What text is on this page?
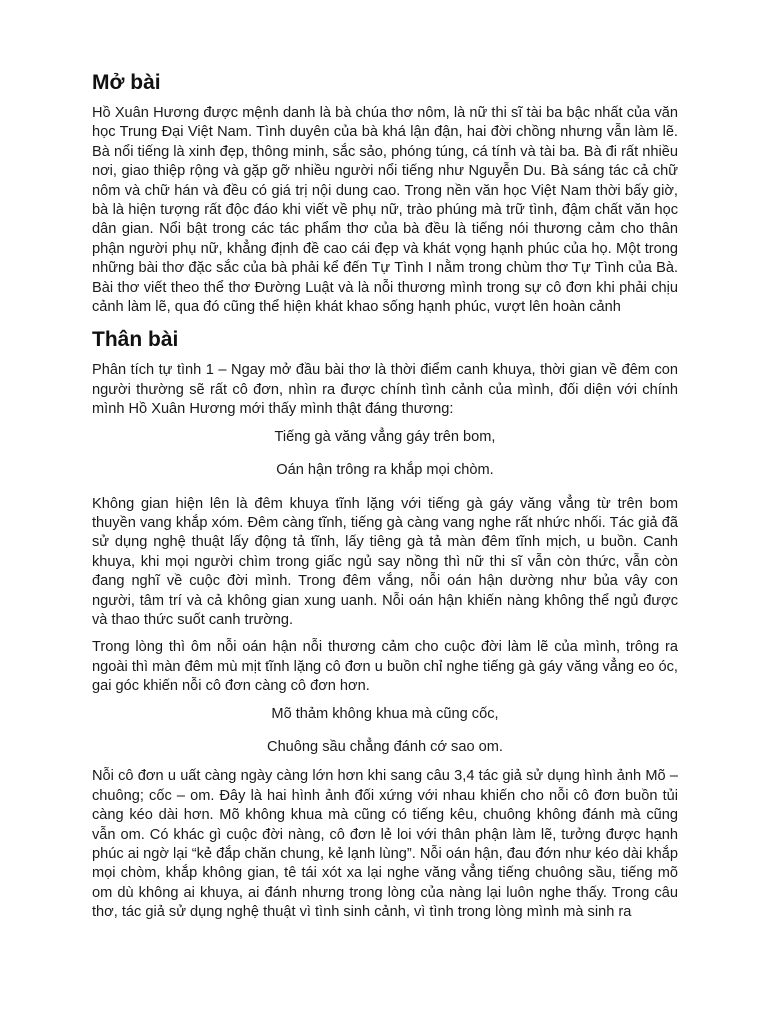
Mở bài

Hồ Xuân Hương được mệnh danh là bà chúa thơ nôm, là nữ thi sĩ tài ba bậc nhất của văn học Trung Đại Việt Nam. Tình duyên của bà khá lận đận, hai đời chồng nhưng vẫn làm lẽ. Bà nổi tiếng là xinh đẹp, thông minh, sắc sảo, phóng túng, cá tính và tài ba. Bà đi rất nhiều nơi, giao thiệp rộng và gặp gỡ nhiều người nổi tiếng như Nguyễn Du. Bà sáng tác cả chữ nôm và chữ hán và đều có giá trị nội dung cao. Trong nền văn học Việt Nam thời bấy giờ, bà là hiện tượng rất độc đáo khi viết về phụ nữ, trào phúng mà trữ tình, đậm chất văn học dân gian. Nổi bật trong các tác phẩm thơ của bà đều là tiếng nói thương cảm cho thân phận người phụ nữ, khẳng định đề cao cái đẹp và khát vọng hạnh phúc của họ. Một trong những bài thơ đặc sắc của bà phải kể đến Tự Tình I nằm trong chùm thơ Tự Tình của Bà. Bài thơ viết theo thể thơ Đường Luật và là nỗi thương mình trong sự cô đơn khi phải chịu cảnh làm lẽ, qua đó cũng thể hiện khát khao sống hạnh phúc, vượt lên hoàn cảnh

Thân bài

Phân tích tự tình 1 – Ngay mở đầu bài thơ là thời điểm canh khuya, thời gian về đêm con người thường sẽ rất cô đơn, nhìn ra được chính tình cảnh của mình, đối diện với chính mình Hồ Xuân Hương mới thấy mình thật đáng thương:

Tiếng gà văng vẳng gáy trên bom,
Oán hận trông ra khắp mọi chòm.

Không gian hiện lên là đêm khuya tĩnh lặng với tiếng gà gáy văng vẳng từ trên bom thuyền vang khắp xóm. Đêm càng tĩnh, tiếng gà càng vang nghe rất nhức nhối. Tác giả đã sử dụng nghệ thuật lấy động tả tĩnh, lấy tiêng gà tả màn đêm tĩnh mịch, u buồn. Canh khuya, khi mọi người chìm trong giấc ngủ say nồng thì nữ thi sĩ vẫn còn thức, vẫn còn đang nghĩ về cuộc đời mình. Trong đêm vắng, nỗi oán hận dường như bủa vây con người, tâm trí và cả không gian xung uanh. Nỗi oán hận khiến nàng không thể ngủ được và thao thức suốt canh trường.

Trong lòng thì ôm nỗi oán hận nỗi thương cảm cho cuộc đời làm lẽ của mình, trông ra ngoài thì màn đêm mù mịt tĩnh lặng cô đơn u buồn chỉ nghe tiếng gà gáy văng vẳng eo óc, gai góc khiến nỗi cô đơn càng cô đơn hơn.

Mõ thảm không khua mà cũng cốc,
Chuông sầu chẳng đánh cớ sao om.

Nỗi cô đơn u uất càng ngày càng lớn hơn khi sang câu 3,4 tác giả sử dụng hình ảnh Mõ – chuông; cốc – om. Đây là hai hình ảnh đối xứng với nhau khiến cho nỗi cô đơn buồn tủi càng kéo dài hơn. Mõ không khua mà cũng có tiếng kêu, chuông không đánh mà cũng vẫn om. Có khác gì cuộc đời nàng, cô đơn lẻ loi với thân phận làm lẽ, tưởng được hạnh phúc ai ngờ lại “kẻ đắp chăn chung, kẻ lạnh lùng”. Nỗi oán hận, đau đớn như kéo dài khắp mọi chòm, khắp không gian, tê tái xót xa lại nghe văng vẳng tiếng chuông sầu, tiếng mõ om dù không ai khuya, ai đánh nhưng trong lòng của nàng lại luôn nghe thấy. Trong câu thơ, tác giả sử dụng nghệ thuật vì tình sinh cảnh, vì tình trong lòng mình mà sinh ra
